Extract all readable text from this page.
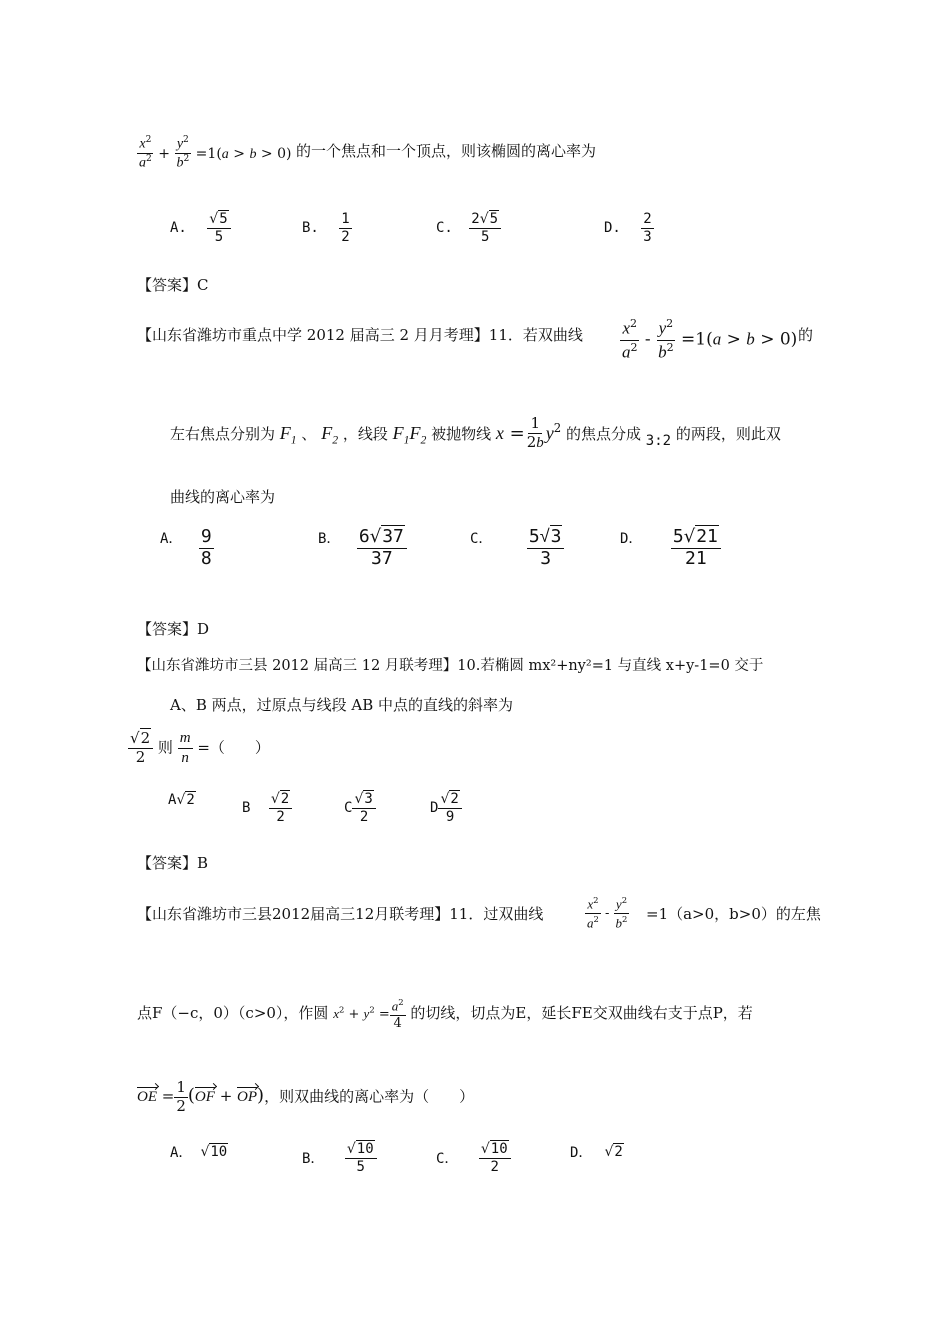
$\frac{x^2}{a^2} + \frac{y^2}{b^2} =1(a > b > 0)$ 的一个焦点和一个顶点，则该椭圆的离心率为
A. $\frac{√5}{5}$	B. $\frac{1}{2}$	C. $\frac{2√5}{5}$	D. $\frac{2}{3}$
【答案】C
【山东省潍坊市重点中学 2012 届高三 2 月月考理】11．若双曲线 $\frac{x^2}{a^2} - \frac{y^2}{b^2} =1(a > b > 0)$ 的
左右焦点分别为 $F_1$ 、 $F_2$ ，线段 $F_1F_2$ 被抛物线 $x = \frac{1}{2b} y^2$ 的焦点分成 3:2 的两段，则此双
曲线的离心率为
A． $\frac{9}{8}$	B． $\frac{6√37}{37}$	C． $\frac{5√3}{3}$	D． $\frac{5√21}{21}$
【答案】D
【山东省潍坊市三县 2012 届高三 12 月联考理】10.若椭圆 mx²+ny²=1 与直线 x+y-1=0 交于
A、B 两点，过原点与线段 AB 中点的直线的斜率为
$\frac{√2}{2}$ 则 $\frac{m}{n}$ =（　　）
A√2
B $\frac{√2}{2}$	C $\frac{√3}{2}$	D $\frac{√2}{9}$
【答案】B
【山东省潍坊市三县2012届高三12月联考理】11．过双曲线	$\frac{x^2}{a^2} - \frac{y^2}{b^2} =1(a>0$，b>0）的左焦
点F（−c，0）（c>0），作圆 $x^2 + y^2 = \frac{a^2}{4}$ 的切线，切点为E，延长FE交双曲线右支于点P，若
OE = $\frac{1}{2} (OF + OP)$，则双曲线的离心率为（　　）
A． √10	B． $\frac{√10}{5}$	C． $\frac{√10}{2}$	D． √2
